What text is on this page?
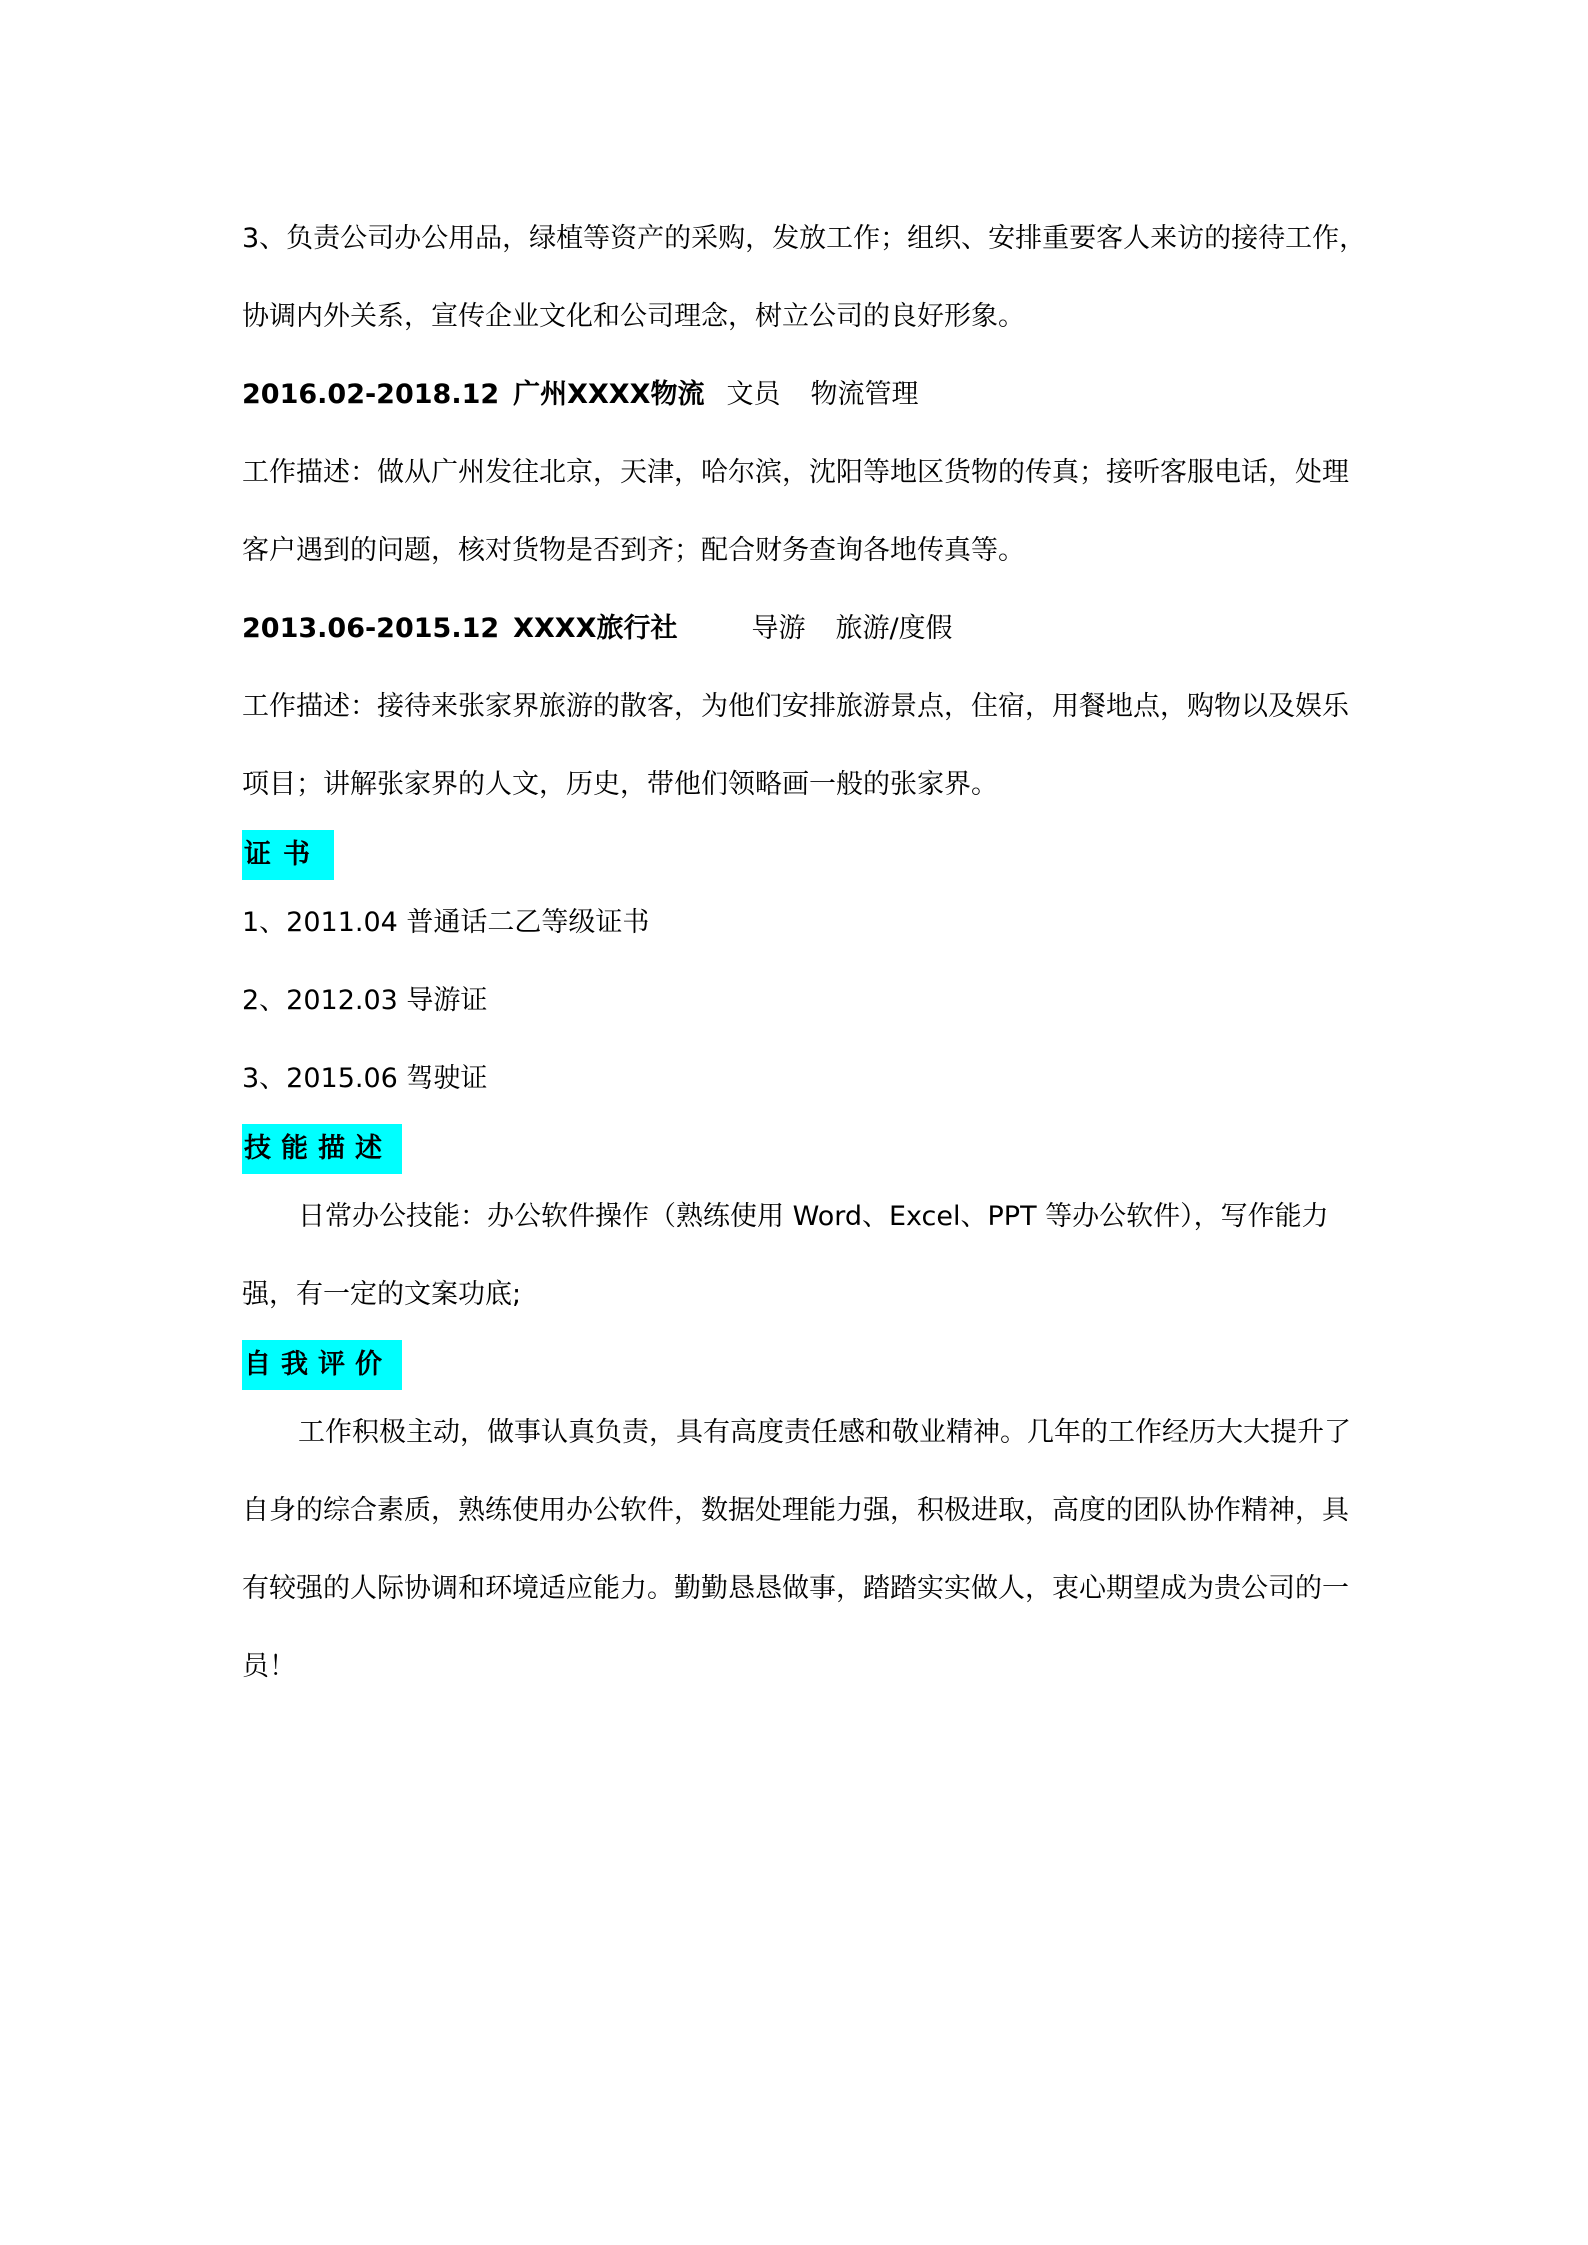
3、负责公司办公用品，绿植等资产的采购，发放工作；组织、安排重要客人来访的接待工作，协调内外关系，宣传企业文化和公司理念，树立公司的良好形象。

2016.02-2018.12 广州XXXX物流 文员 物流管理

工作描述：做从广州发往北京，天津，哈尔滨，沈阳等地区货物的传真；接听客服电话，处理客户遇到的问题，核对货物是否到齐；配合财务查询各地传真等。

2013.06-2015.12 XXXX旅行社	导游 旅游/度假

工作描述：接待来张家界旅游的散客，为他们安排旅游景点，住宿，用餐地点，购物以及娱乐项目；讲解张家界的人文，历史，带他们领略画一般的张家界。

证书

1、2011.04 普通话二乙等级证书

2、2012.03 导游证

3、2015.06 驾驶证

技能描述

日常办公技能：办公软件操作（熟练使用 Word、Excel、PPT 等办公软件），写作能力强，有一定的文案功底;

自我评价

工作积极主动，做事认真负责，具有高度责任感和敬业精神。几年的工作经历大大提升了自身的综合素质，熟练使用办公软件，数据处理能力强，积极进取，高度的团队协作精神，具有较强的人际协调和环境适应能力。勤勤恳恳做事，踏踏实实做人，衷心期望成为贵公司的一员！
